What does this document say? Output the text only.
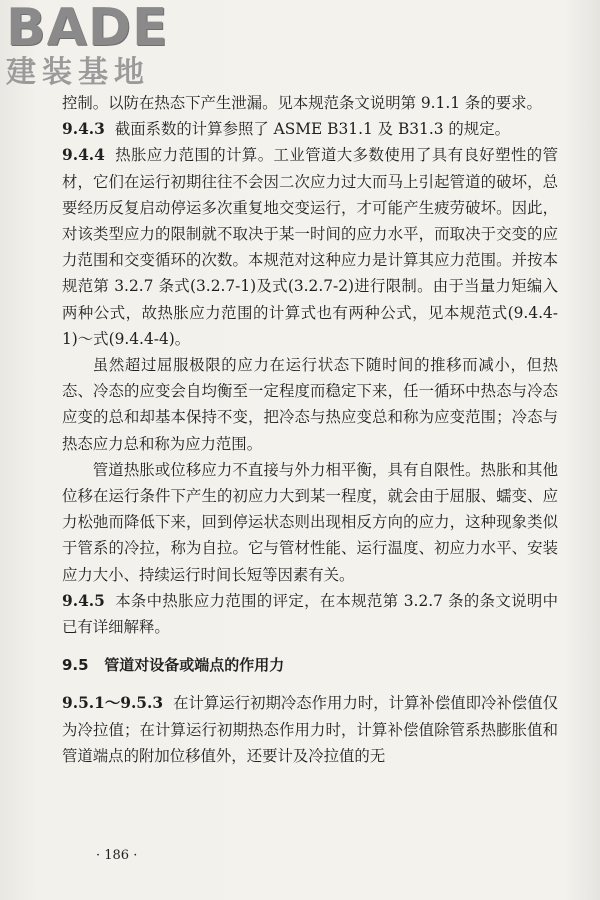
BADE
建装基地

控制。以防在热态下产生泄漏。见本规范条文说明第 9.1.1 条的要求。

9.4.3 截面系数的计算参照了 ASME B31.1 及 B31.3 的规定。

9.4.4 热胀应力范围的计算。工业管道大多数使用了具有良好塑性的管材，它们在运行初期往往不会因二次应力过大而马上引起管道的破坏，总要经历反复启动停运多次重复地交变运行，才可能产生疲劳破坏。因此，对该类型应力的限制就不取决于某一时间的应力水平，而取决于交变的应力范围和交变循环的次数。本规范对这种应力是计算其应力范围。并按本规范第 3.2.7 条式(3.2.7-1)及式(3.2.7-2)进行限制。由于当量力矩编入两种公式，故热胀应力范围的计算式也有两种公式，见本规范式(9.4.4-1)～式(9.4.4-4)。

虽然超过屈服极限的应力在运行状态下随时间的推移而减小，但热态、冷态的应变会自均衡至一定程度而稳定下来，任一循环中热态与冷态应变的总和却基本保持不变，把冷态与热应变总和称为应变范围；冷态与热态应力总和称为应力范围。

管道热胀或位移应力不直接与外力相平衡，具有自限性。热胀和其他位移在运行条件下产生的初应力大到某一程度，就会由于屈服、蠕变、应力松弛而降低下来，回到停运状态则出现相反方向的应力，这种现象类似于管系的冷拉，称为自拉。它与管材性能、运行温度、初应力水平、安装应力大小、持续运行时间长短等因素有关。

9.4.5 本条中热胀应力范围的评定，在本规范第 3.2.7 条的条文说明中已有详细解释。

9.5 管道对设备或端点的作用力

9.5.1～9.5.3 在计算运行初期冷态作用力时，计算补偿值即冷补偿值仅为冷拉值；在计算运行初期热态作用力时，计算补偿值除管系热膨胀值和管道端点的附加位移值外，还要计及冷拉值的无

· 186 ·
